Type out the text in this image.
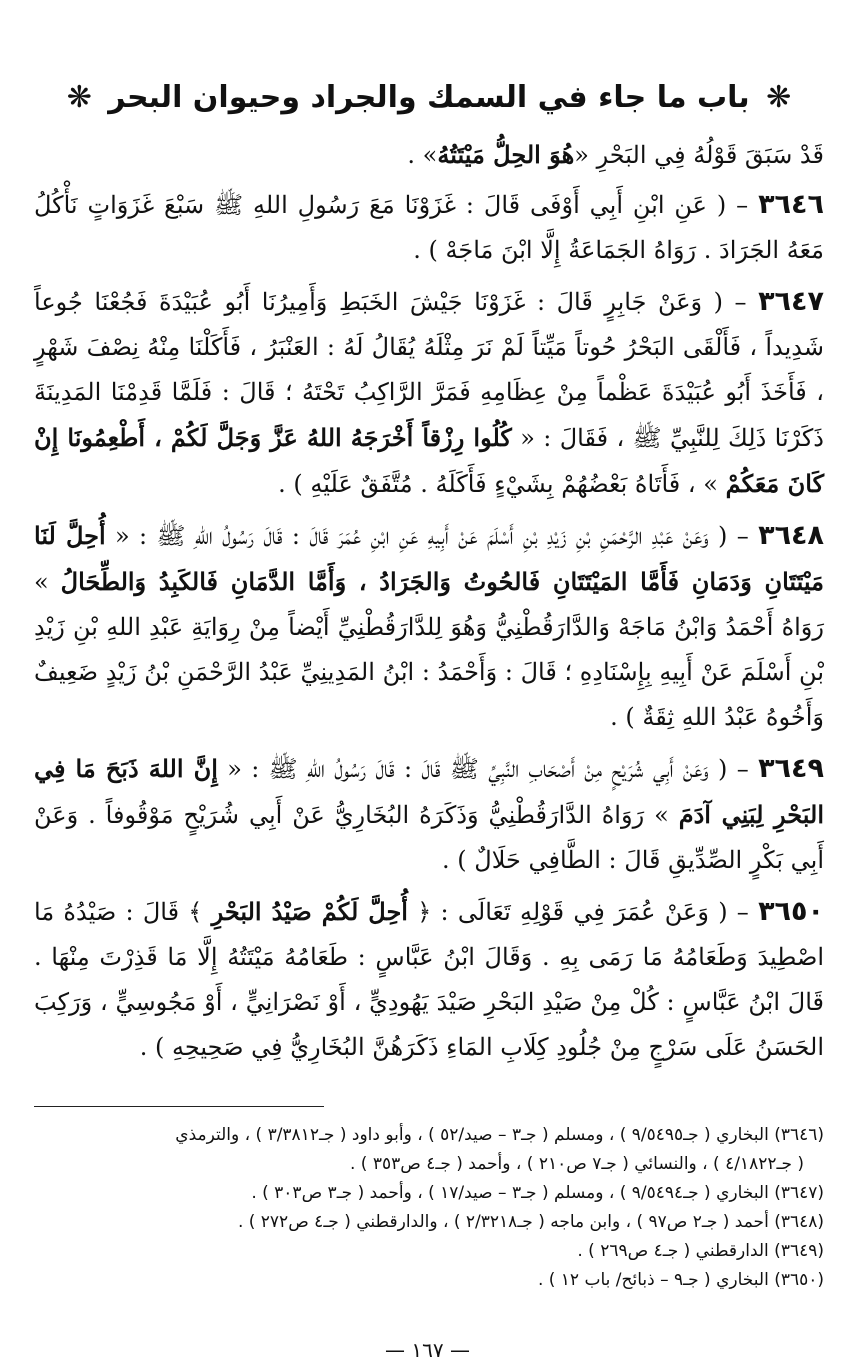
❋ باب ما جاء في السمك والجراد وحيوان البحر ❋

قَدْ سَبَقَ قَوْلُهُ فِي البَحْرِ «هُوَ الحِلُّ مَيْتَتُهُ» .

٣٦٤٦ – ( عَنِ ابْنِ أَبِي أَوْفَى قَالَ : غَزَوْنَا مَعَ رَسُولِ اللهِ ﷺ سَبْعَ غَزَوَاتٍ نَأْكُلُ مَعَهُ الجَرَادَ . رَوَاهُ الجَمَاعَةُ إِلَّا ابْنَ مَاجَهْ ) .

٣٦٤٧ – ( وَعَنْ جَابِرٍ قَالَ : غَزَوْنَا جَيْشَ الخَبَطِ وَأَمِيرُنَا أَبُو عُبَيْدَةَ فَجُعْنَا جُوعاً شَدِيداً ، فَأَلْقَى البَحْرُ حُوتاً مَيِّتاً لَمْ نَرَ مِثْلَهُ يُقَالُ لَهُ : العَنْبَرُ ، فَأَكَلْنَا مِنْهُ نِصْفَ شَهْرٍ ، فَأَخَذَ أَبُو عُبَيْدَةَ عَظْماً مِنْ عِظَامِهِ فَمَرَّ الرَّاكِبُ تَحْتَهُ ؛ قَالَ : فَلَمَّا قَدِمْنَا المَدِينَةَ ذَكَرْنَا ذَلِكَ لِلنَّبِيِّ ﷺ ، فَقَالَ : « كُلُوا رِزْقاً أَخْرَجَهُ اللهُ عَزَّ وَجَلَّ لَكُمْ ، أَطْعِمُونَا إِنْ كَانَ مَعَكُمْ » ، فَأَتَاهُ بَعْضُهُمْ بِشَيْءٍ فَأَكَلَهُ . مُتَّفَقٌ عَلَيْهِ ) .

٣٦٤٨ – ( وَعَنْ عَبْدِ الرَّحْمَنِ بْنِ زَيْدِ بْنِ أَسْلَمَ عَنْ أَبِيهِ عَنِ ابْنِ عُمَرَ قَالَ : قَالَ رَسُولُ اللهِ ﷺ : « أُحِلَّ لَنَا مَيْتَتَانِ وَدَمَانِ فَأَمَّا المَيْتَتَانِ فَالحُوتُ وَالجَرَادُ ، وَأَمَّا الدَّمَانِ فَالكَبِدُ وَالطِّحَالُ » رَوَاهُ أَحْمَدُ وَابْنُ مَاجَهْ وَالدَّارَقُطْنِيُّ وَهُوَ لِلدَّارَقُطْنِيِّ أَيْضاً مِنْ رِوَايَةِ عَبْدِ اللهِ بْنِ زَيْدِ بْنِ أَسْلَمَ عَنْ أَبِيهِ بِإِسْنَادِهِ ؛ قَالَ : وَأَحْمَدُ : ابْنُ المَدِينِيِّ عَبْدُ الرَّحْمَنِ بْنُ زَيْدٍ ضَعِيفٌ وَأَخُوهُ عَبْدُ اللهِ ثِقَةٌ ) .

٣٦٤٩ – ( وَعَنْ أَبِي شُرَيْحٍ مِنْ أَصْحَابِ النَّبِيِّ ﷺ قَالَ : قَالَ رَسُولُ اللهِ ﷺ : « إِنَّ اللهَ ذَبَحَ مَا فِي البَحْرِ لِبَنِي آدَمَ » رَوَاهُ الدَّارَقُطْنِيُّ وَذَكَرَهُ البُخَارِيُّ عَنْ أَبِي شُرَيْحٍ مَوْقُوفاً . وَعَنْ أَبِي بَكْرٍ الصِّدِّيقِ قَالَ : الطَّافِي حَلَالٌ ) .

٣٦٥٠ – ( وَعَنْ عُمَرَ فِي قَوْلِهِ تَعَالَى : ﴿ أُحِلَّ لَكُمْ صَيْدُ البَحْرِ ﴾ قَالَ : صَيْدُهُ مَا اصْطِيدَ وَطَعَامُهُ مَا رَمَى بِهِ . وَقَالَ ابْنُ عَبَّاسٍ : طَعَامُهُ مَيْتَتُهُ إِلَّا مَا قَذِرْتَ مِنْهَا . قَالَ ابْنُ عَبَّاسٍ : كُلْ مِنْ صَيْدِ البَحْرِ صَيْدَ يَهُودِيٍّ ، أَوْ نَصْرَانِيٍّ ، أَوْ مَجُوسِيٍّ ، وَرَكِبَ الحَسَنُ عَلَى سَرْجٍ مِنْ جُلُودِ كِلَابِ المَاءِ ذَكَرَهُنَّ البُخَارِيُّ فِي صَحِيحِهِ ) .

(٣٦٤٦) البخاري ( جـ٩/٥٤٩٥ ) ، ومسلم ( جـ٣ – صيد/٥٢ ) ، وأبو داود ( جـ٣/٣٨١٢ ) ، والترمذي

( جـ٤/١٨٢٢ ) ، والنسائي ( جـ٧ ص٢١٠ ) ، وأحمد ( جـ٤ ص٣٥٣ ) .

(٣٦٤٧) البخاري ( جـ٩/٥٤٩٤ ) ، ومسلم ( جـ٣ – صيد/١٧ ) ، وأحمد ( جـ٣ ص٣٠٣ ) .

(٣٦٤٨) أحمد ( جـ٢ ص٩٧ ) ، وابن ماجه ( جـ٢/٣٢١٨ ) ، والدارقطني ( جـ٤ ص٢٧٢ ) .

(٣٦٤٩) الدارقطني ( جـ٤ ص٢٦٩ ) .

(٣٦٥٠) البخاري ( جـ٩ – ذبائح/ باب ١٢ ) .

— ١٦٧ —
